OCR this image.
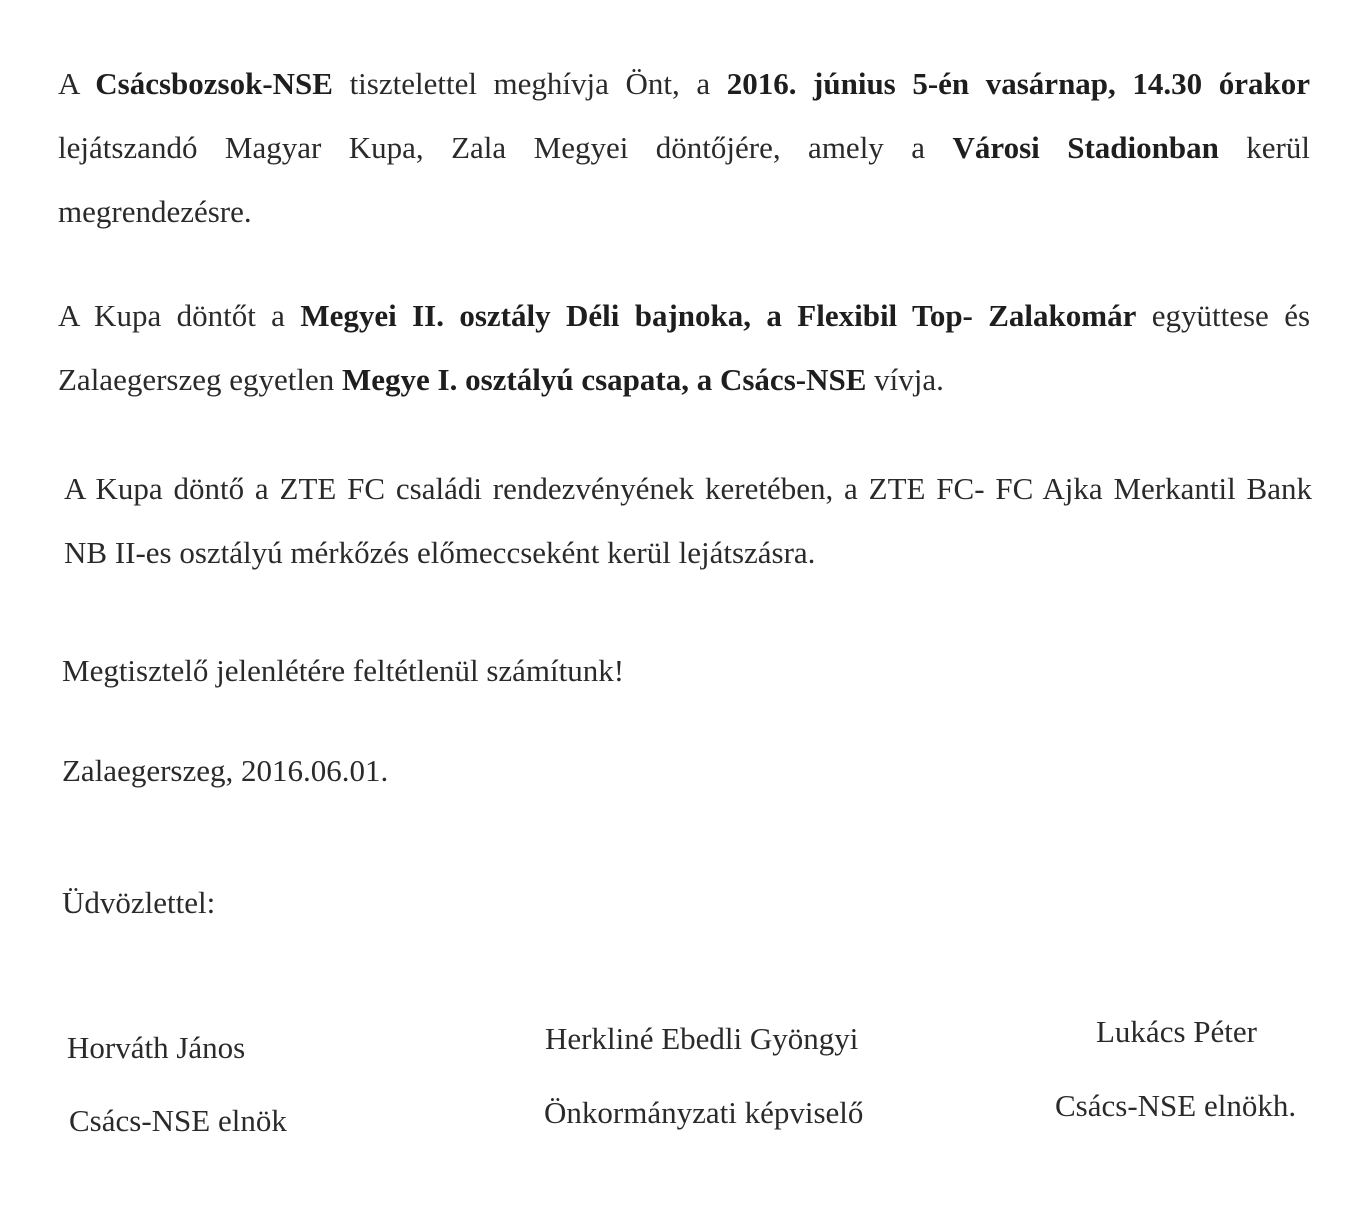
A Csácsbozsok-NSE tisztelettel meghívja Önt, a 2016. június 5-én vasárnap, 14.30 órakor lejátszandó Magyar Kupa, Zala Megyei döntőjére, amely a Városi Stadionban kerül megrendezésre.

A Kupa döntőt a Megyei II. osztály Déli bajnoka, a Flexibil Top- Zalakomár együttese és Zalaegerszeg egyetlen Megye I. osztályú csapata, a Csács-NSE vívja.

A Kupa döntő a ZTE FC családi rendezvényének keretében, a ZTE FC- FC Ajka Merkantil Bank NB II-es osztályú mérkőzés előmeccseként kerül lejátszásra.

Megtisztelő jelenlétére feltétlenül számítunk!

Zalaegerszeg, 2016.06.01.

Üdvözlettel:

Horváth János
Csács-NSE elnök
Herkliné Ebedli Gyöngyi
Önkormányzati képviselő
Lukács Péter
Csács-NSE elnökh.
